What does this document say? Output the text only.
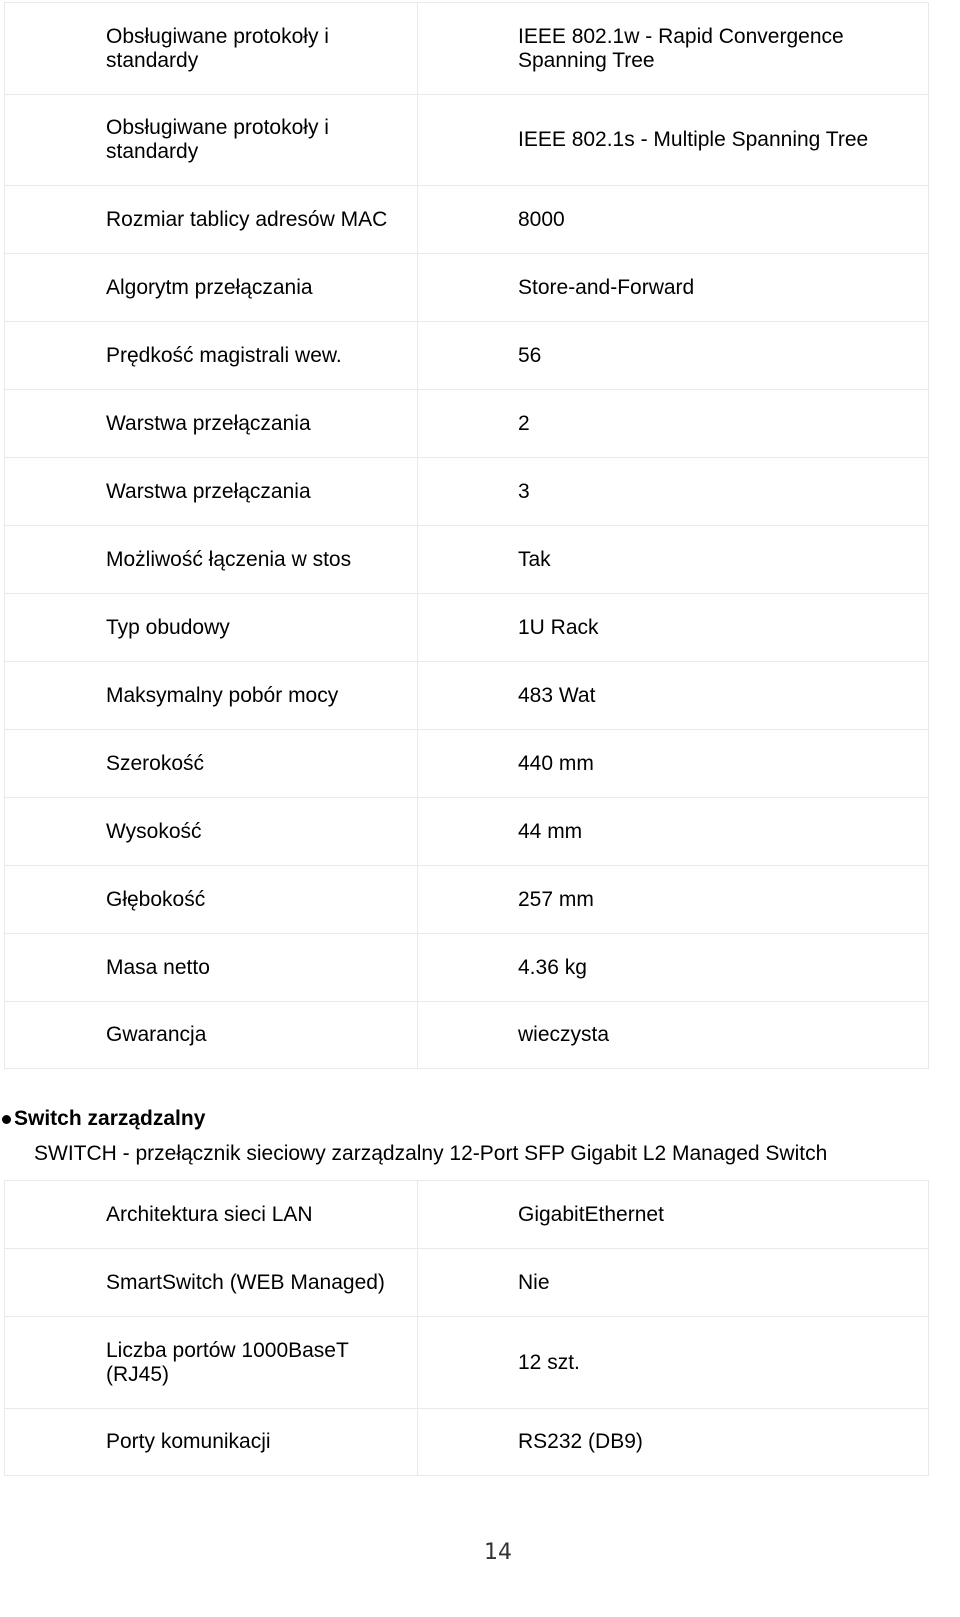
Obsługiwane protokoły i standardy	IEEE 802.1w - Rapid Convergence Spanning Tree
Obsługiwane protokoły i standardy	IEEE 802.1s - Multiple Spanning Tree
Rozmiar tablicy adresów MAC	8000
Algorytm przełączania	Store-and-Forward
Prędkość magistrali wew.	56
Warstwa przełączania	2
Warstwa przełączania	3
Możliwość łączenia w stos	Tak
Typ obudowy	1U Rack
Maksymalny pobór mocy	483 Wat
Szerokość	440 mm
Wysokość	44 mm
Głębokość	257 mm
Masa netto	4.36 kg
Gwarancja	wieczysta
Switch zarządzalny
SWITCH - przełącznik sieciowy zarządzalny 12-Port SFP Gigabit L2 Managed Switch
Architektura sieci LAN	GigabitEthernet
SmartSwitch (WEB Managed)	Nie
Liczba portów 1000BaseT (RJ45)	12 szt.
Porty komunikacji	RS232 (DB9)
14
